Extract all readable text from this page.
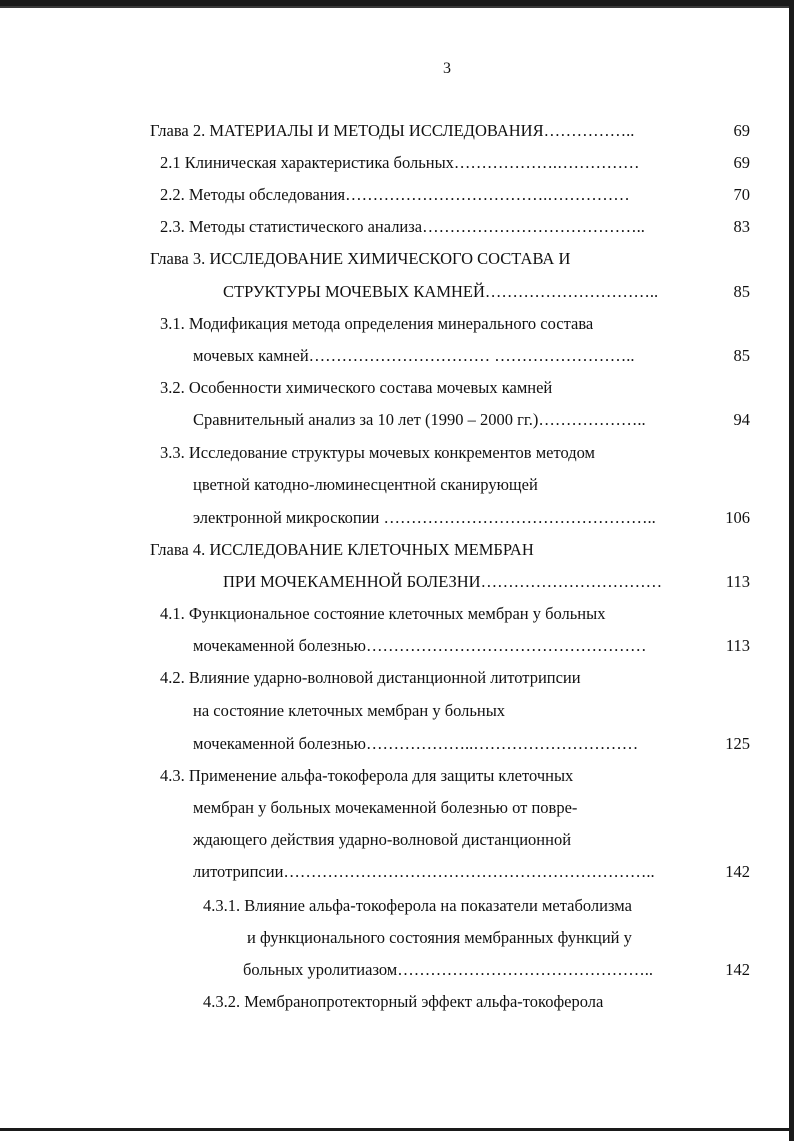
3
Глава 2. МАТЕРИАЛЫ И МЕТОДЫ ИССЛЕДОВАНИЯ……………..	69
2.1 Клиническая характеристика больных……………….……………	69
2.2. Методы обследования……………………………….……………	70
2.3. Методы статистического анализа…………………………………..	83
Глава 3. ИССЛЕДОВАНИЕ ХИМИЧЕСКОГО СОСТАВА И
СТРУКТУРЫ МОЧЕВЫХ КАМНЕЙ…………………………..	85
3.1. Модификация метода определения минерального состава
мочевых камней…………………………… ……………………..	85
3.2. Особенности химического состава мочевых камней
Сравнительный анализ за 10 лет (1990 – 2000 гг.)………………..	94
3.3. Исследование структуры мочевых конкрементов методом
цветной катодно-люминесцентной сканирующей
электронной микроскопии …………………………………………..	106
Глава 4. ИССЛЕДОВАНИЕ КЛЕТОЧНЫХ МЕМБРАН
ПРИ МОЧЕКАМЕННОЙ БОЛЕЗНИ……………………………	113
4.1. Функциональное состояние клеточных мембран у больных
мочекаменной болезнью……………………………………………	113
4.2. Влияние ударно-волновой дистанционной литотрипсии
на состояние клеточных мембран у больных
мочекаменной болезнью………………..…………………………	125
4.3. Применение альфа-токоферола для защиты клеточных
мембран у больных мочекаменной болезнью от повре-
ждающего действия ударно-волновой дистанционной
литотрипсии…………………………………………………………..	142
4.3.1. Влияние альфа-токоферола на показатели метаболизма
и функционального состояния мембранных функций у
больных уролитиазом………………………………………..	142
4.3.2. Мембранопротекторный эффект альфа-токоферола
